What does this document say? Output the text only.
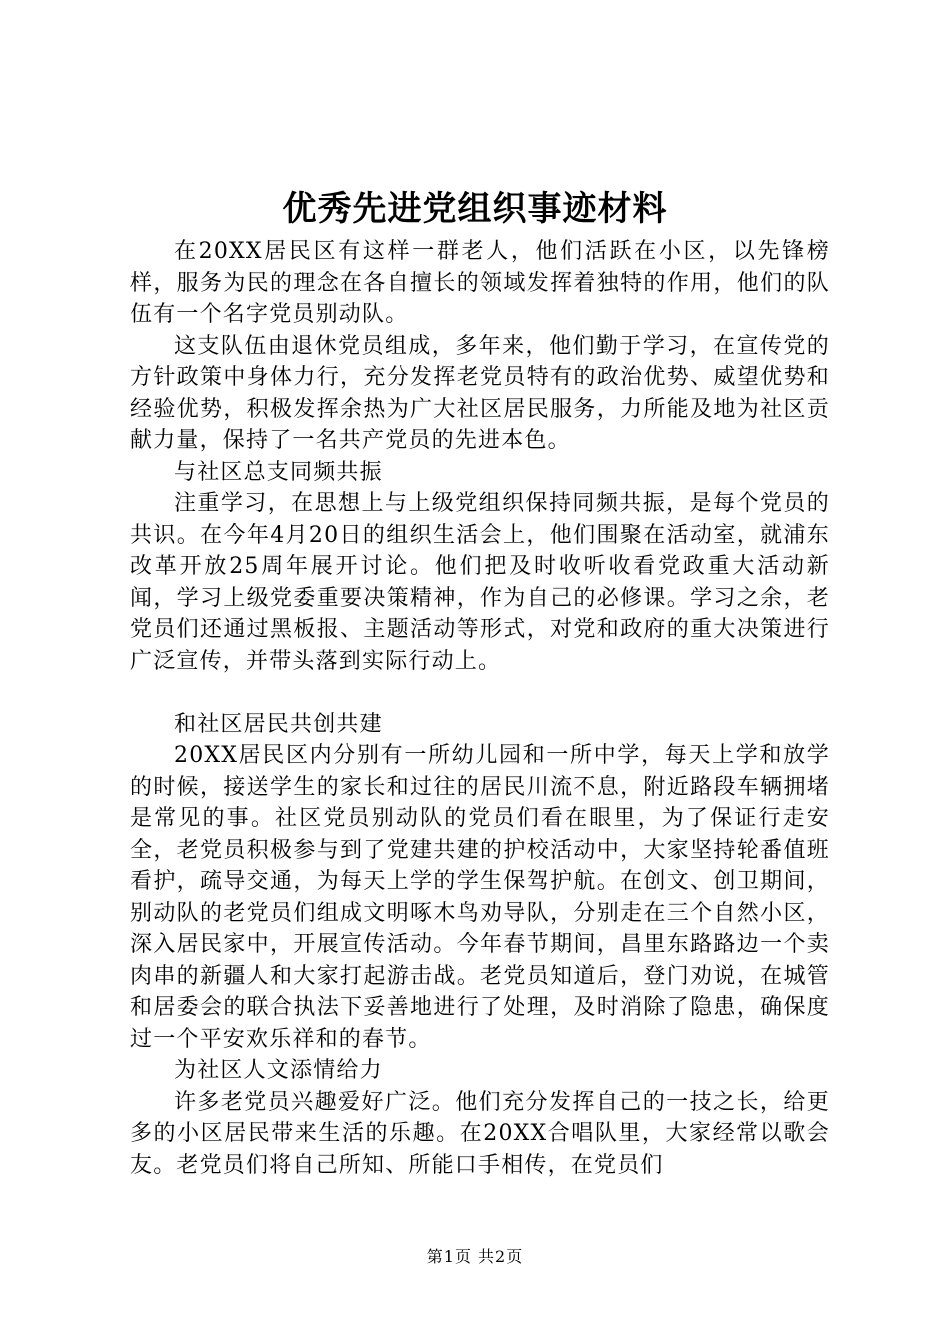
优秀先进党组织事迹材料

在20XX居民区有这样一群老人，他们活跃在小区，以先锋榜样，服务为民的理念在各自擅长的领域发挥着独特的作用，他们的队伍有一个名字党员别动队。

这支队伍由退休党员组成，多年来，他们勤于学习，在宣传党的方针政策中身体力行，充分发挥老党员特有的政治优势、威望优势和经验优势，积极发挥余热为广大社区居民服务，力所能及地为社区贡献力量，保持了一名共产党员的先进本色。

与社区总支同频共振

注重学习，在思想上与上级党组织保持同频共振，是每个党员的共识。在今年4月20日的组织生活会上，他们围聚在活动室，就浦东改革开放25周年展开讨论。他们把及时收听收看党政重大活动新闻，学习上级党委重要决策精神，作为自己的必修课。学习之余，老党员们还通过黑板报、主题活动等形式，对党和政府的重大决策进行广泛宣传，并带头落到实际行动上。

和社区居民共创共建

20XX居民区内分别有一所幼儿园和一所中学，每天上学和放学的时候，接送学生的家长和过往的居民川流不息，附近路段车辆拥堵是常见的事。社区党员别动队的党员们看在眼里，为了保证行走安全，老党员积极参与到了党建共建的护校活动中，大家坚持轮番值班看护，疏导交通，为每天上学的学生保驾护航。在创文、创卫期间，别动队的老党员们组成文明啄木鸟劝导队，分别走在三个自然小区，深入居民家中，开展宣传活动。今年春节期间，昌里东路路边一个卖肉串的新疆人和大家打起游击战。老党员知道后，登门劝说，在城管和居委会的联合执法下妥善地进行了处理，及时消除了隐患，确保度过一个平安欢乐祥和的春节。

为社区人文添情给力

许多老党员兴趣爱好广泛。他们充分发挥自己的一技之长，给更多的小区居民带来生活的乐趣。在20XX合唱队里，大家经常以歌会友。老党员们将自己所知、所能口手相传，在党员们

第1页 共2页
